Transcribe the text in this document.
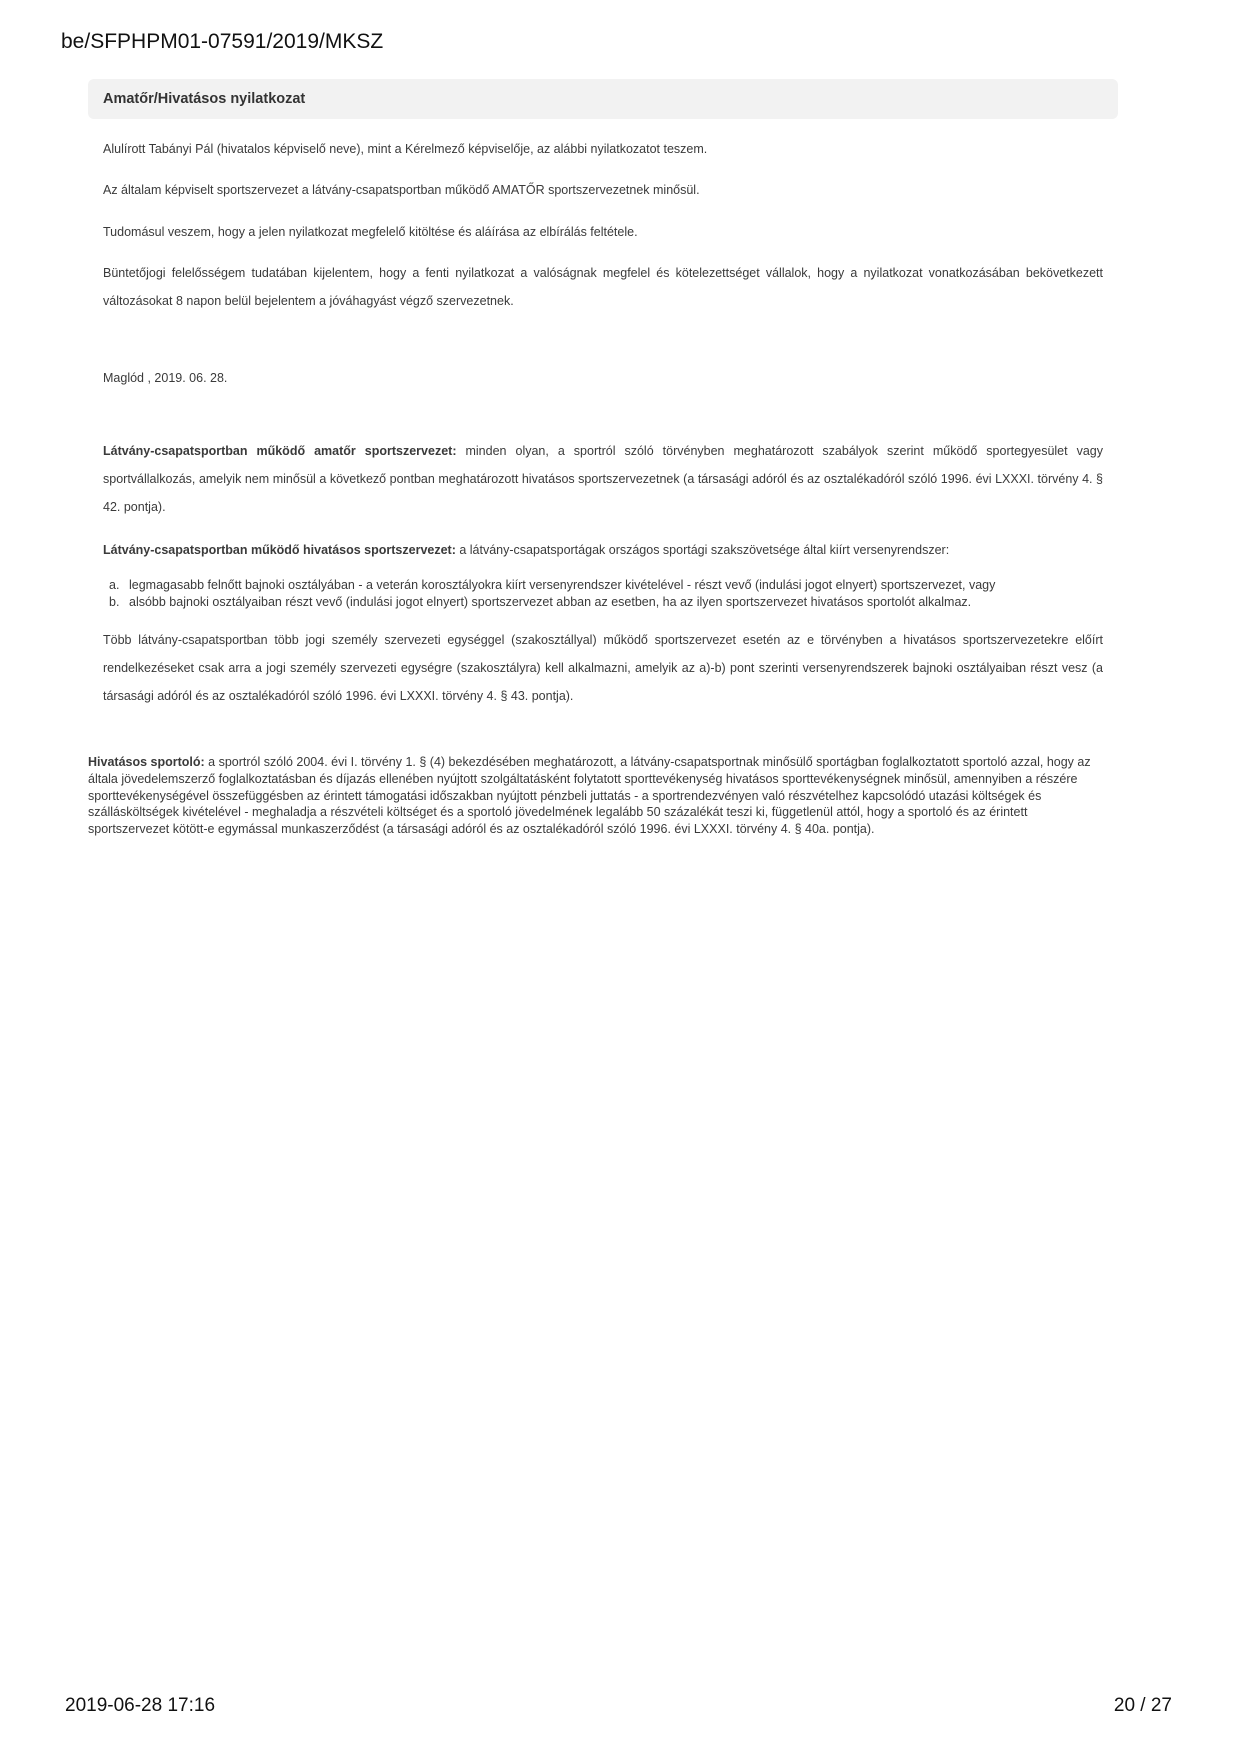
be/SFPHPM01-07591/2019/MKSZ
Amatőr/Hivatásos nyilatkozat

Alulírott Tabányi Pál (hivatalos képviselő neve), mint a Kérelmező képviselője, az alábbi nyilatkozatot teszem.

Az általam képviselt sportszervezet a látvány-csapatsportban működő AMATŐR sportszervezetnek minősül.

Tudomásul veszem, hogy a jelen nyilatkozat megfelelő kitöltése és aláírása az elbírálás feltétele.

Büntetőjogi felelősségem tudatában kijelentem, hogy a fenti nyilatkozat a valóságnak megfelel és kötelezettséget vállalok, hogy a nyilatkozat vonatkozásában bekövetkezett változásokat 8 napon belül bejelentem a jóváhagyást végző szervezetnek.

Maglód , 2019. 06. 28.

Látvány-csapatsportban működő amatőr sportszervezet: minden olyan, a sportról szóló törvényben meghatározott szabályok szerint működő sportegyesület vagy sportvállalkozás, amelyik nem minősül a következő pontban meghatározott hivatásos sportszervezetnek (a társasági adóról és az osztalékadóról szóló 1996. évi LXXXI. törvény 4. § 42. pontja).

Látvány-csapatsportban működő hivatásos sportszervezet: a látvány-csapatsportágak országos sportági szakszövetsége által kiírt versenyrendszer:

a. legmagasabb felnőtt bajnoki osztályában - a veterán korosztályokra kiírt versenyrendszer kivételével - részt vevő (indulási jogot elnyert) sportszervezet, vagy
b. alsóbb bajnoki osztályaiban részt vevő (indulási jogot elnyert) sportszervezet abban az esetben, ha az ilyen sportszervezet hivatásos sportolót alkalmaz.

Több látvány-csapatsportban több jogi személy szervezeti egységgel (szakosztállyal) működő sportszervezet esetén az e törvényben a hivatásos sportszervezetekre előírt rendelkezéseket csak arra a jogi személy szervezeti egységre (szakosztályra) kell alkalmazni, amelyik az a)-b) pont szerinti versenyrendszerek bajnoki osztályaiban részt vesz (a társasági adóról és az osztalékadóról szóló 1996. évi LXXXI. törvény 4. § 43. pontja).

Hivatásos sportoló: a sportról szóló 2004. évi I. törvény 1. § (4) bekezdésében meghatározott, a látvány-csapatsportnak minősülő sportágban foglalkoztatott sportoló azzal, hogy az általa jövedelemszerző foglalkoztatásban és díjazás ellenében nyújtott szolgáltatásként folytatott sporttevékenység hivatásos sporttevékenységnek minősül, amennyiben a részére sporttevékenységével összefüggésben az érintett támogatási időszakban nyújtott pénzbeli juttatás - a sportrendezvényen való részvételhez kapcsolódó utazási költségek és szállásköltségek kivételével - meghaladja a részvételi költséget és a sportoló jövedelmének legalább 50 százalékát teszi ki, függetlenül attól, hogy a sportoló és az érintett sportszervezet kötött-e egymással munkaszerződést (a társasági adóról és az osztalékadóról szóló 1996. évi LXXXI. törvény 4. § 40a. pontja).

2019-06-28 17:16	20 / 27
